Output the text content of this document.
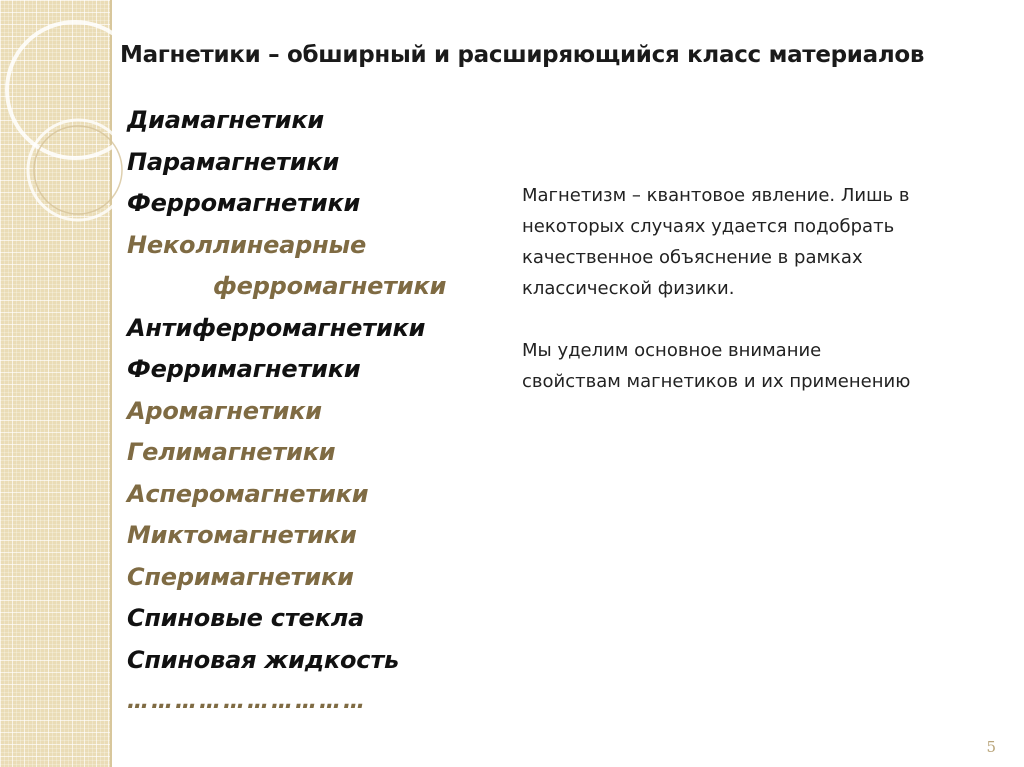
Магнетики – обширный и расширяющийся класс материалов
Диамагнетики
Парамагнетики
Ферромагнетики
Неколлинеарные
ферромагнетики
Антиферромагнетики
Ферримагнетики
Аромагнетики
Гелимагнетики
Асперомагнетики
Миктомагнетики
Сперимагнетики
Спиновые стекла
Спиновая жидкость
…………………………

Магнетизм – квантовое явление. Лишь в

некоторых случаях удается подобрать

качественное объяснение в рамках

классической физики.

Мы уделим основное внимание

свойствам магнетиков и их применению

5
